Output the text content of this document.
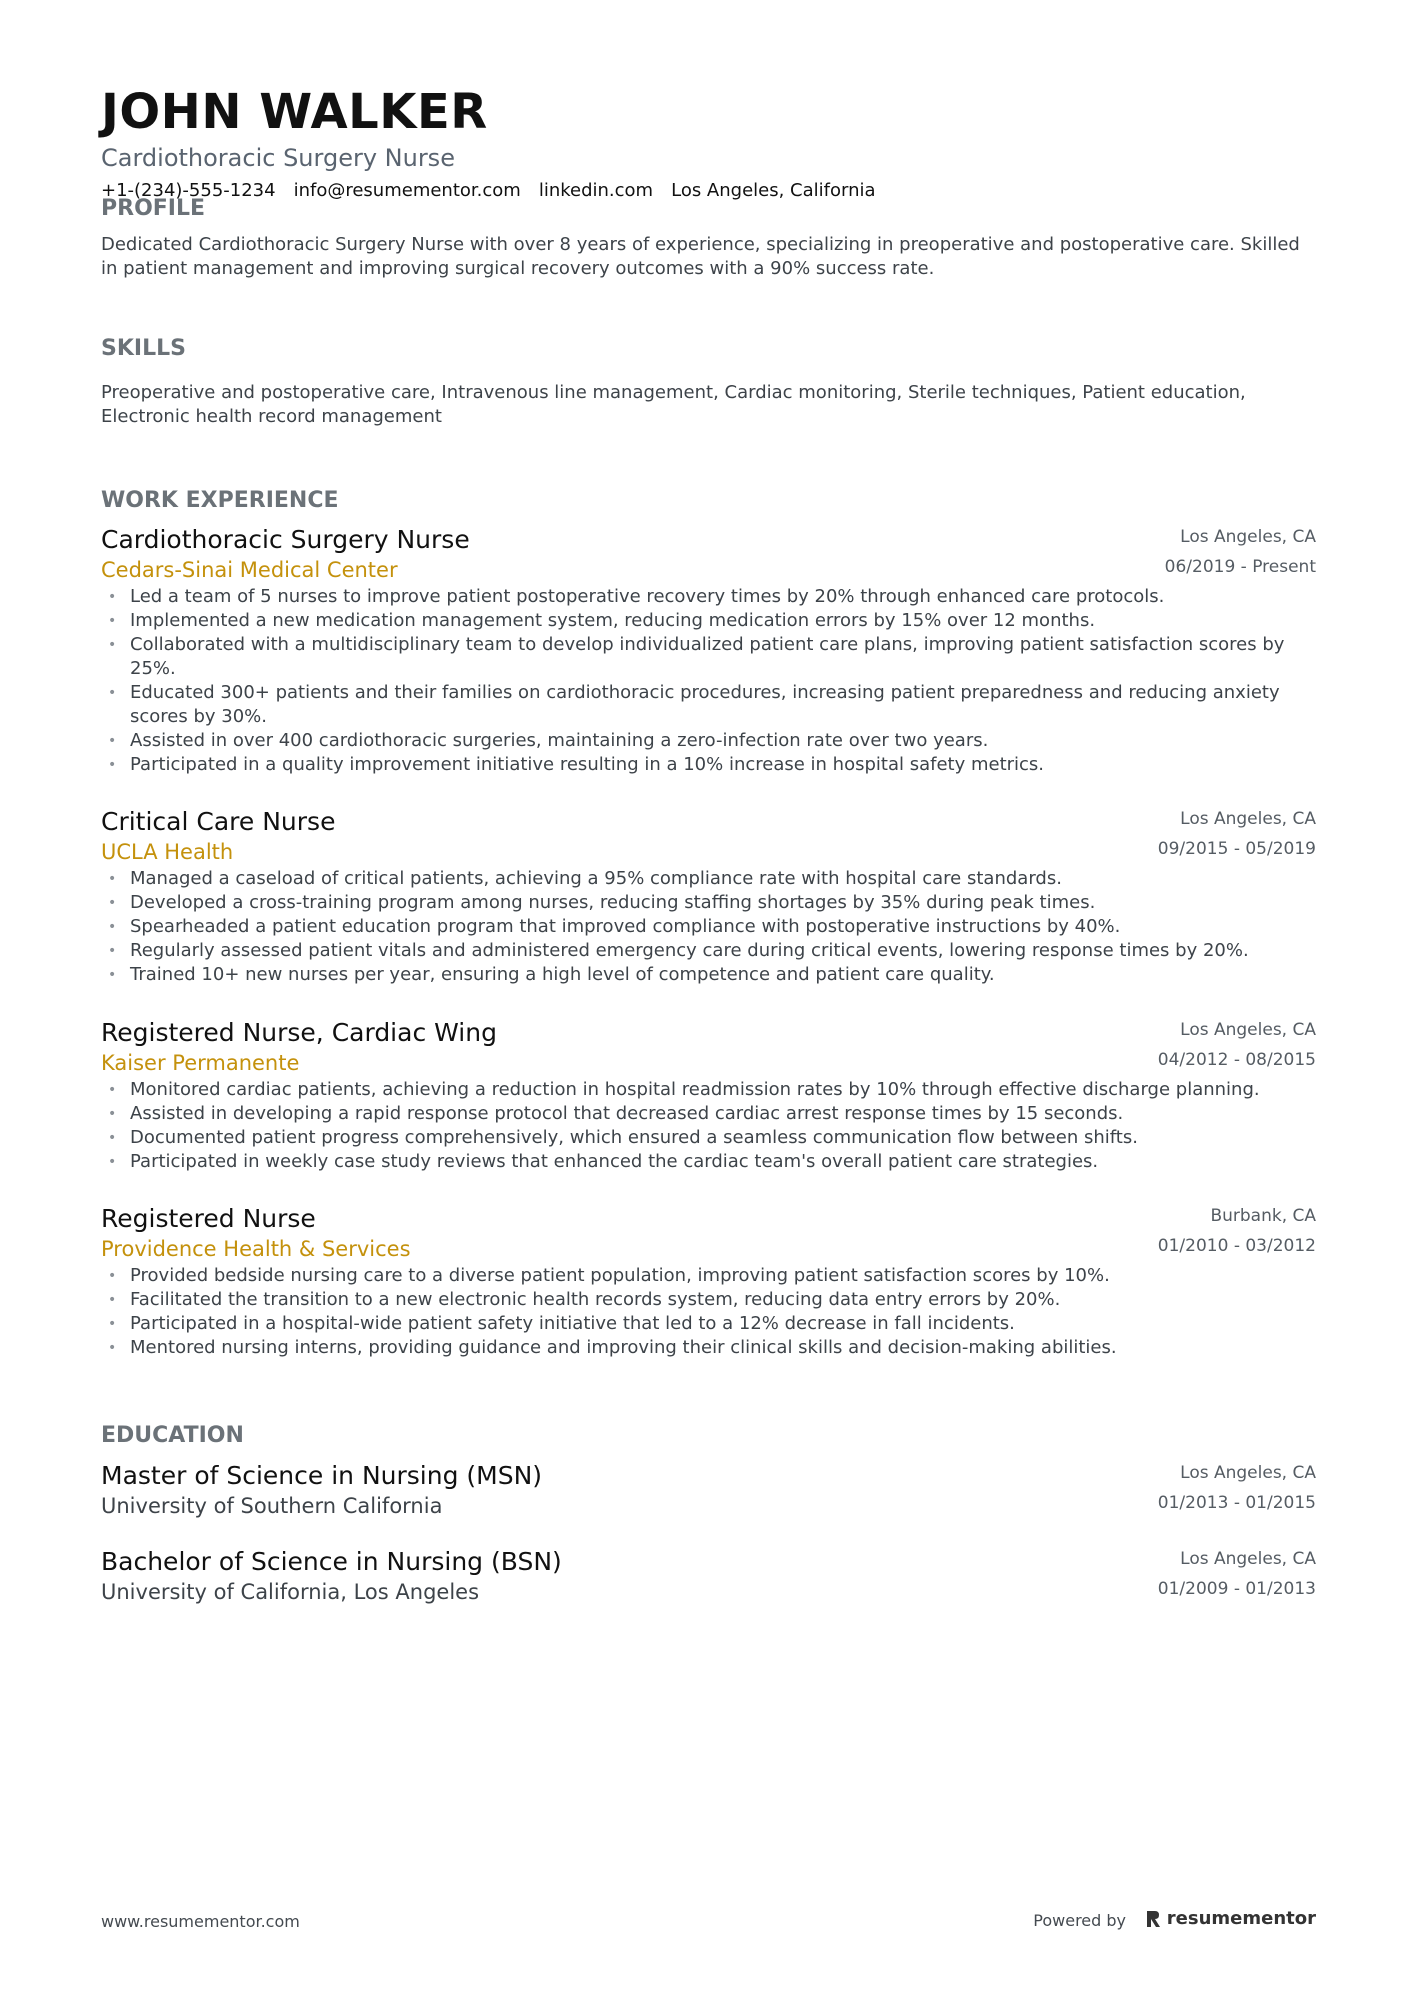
JOHN WALKER
Cardiothoracic Surgery Nurse
+1-(234)-555-1234 info@resumementor.com linkedin.com Los Angeles, California
PROFILE
Dedicated Cardiothoracic Surgery Nurse with over 8 years of experience, specializing in preoperative and postoperative care. Skilled in patient management and improving surgical recovery outcomes with a 90% success rate.
SKILLS
Preoperative and postoperative care, Intravenous line management, Cardiac monitoring, Sterile techniques, Patient education, Electronic health record management
WORK EXPERIENCE
Cardiothoracic Surgery Nurse
Cedars-Sinai Medical Center
Los Angeles, CA
06/2019 - Present
• Led a team of 5 nurses to improve patient postoperative recovery times by 20% through enhanced care protocols.
• Implemented a new medication management system, reducing medication errors by 15% over 12 months.
• Collaborated with a multidisciplinary team to develop individualized patient care plans, improving patient satisfaction scores by 25%.
• Educated 300+ patients and their families on cardiothoracic procedures, increasing patient preparedness and reducing anxiety scores by 30%.
• Assisted in over 400 cardiothoracic surgeries, maintaining a zero-infection rate over two years.
• Participated in a quality improvement initiative resulting in a 10% increase in hospital safety metrics.
Critical Care Nurse
UCLA Health
Los Angeles, CA
09/2015 - 05/2019
• Managed a caseload of critical patients, achieving a 95% compliance rate with hospital care standards.
• Developed a cross-training program among nurses, reducing staffing shortages by 35% during peak times.
• Spearheaded a patient education program that improved compliance with postoperative instructions by 40%.
• Regularly assessed patient vitals and administered emergency care during critical events, lowering response times by 20%.
• Trained 10+ new nurses per year, ensuring a high level of competence and patient care quality.
Registered Nurse, Cardiac Wing
Kaiser Permanente
Los Angeles, CA
04/2012 - 08/2015
• Monitored cardiac patients, achieving a reduction in hospital readmission rates by 10% through effective discharge planning.
• Assisted in developing a rapid response protocol that decreased cardiac arrest response times by 15 seconds.
• Documented patient progress comprehensively, which ensured a seamless communication flow between shifts.
• Participated in weekly case study reviews that enhanced the cardiac team's overall patient care strategies.
Registered Nurse
Providence Health & Services
Burbank, CA
01/2010 - 03/2012
• Provided bedside nursing care to a diverse patient population, improving patient satisfaction scores by 10%.
• Facilitated the transition to a new electronic health records system, reducing data entry errors by 20%.
• Participated in a hospital-wide patient safety initiative that led to a 12% decrease in fall incidents.
• Mentored nursing interns, providing guidance and improving their clinical skills and decision-making abilities.
EDUCATION
Master of Science in Nursing (MSN)
University of Southern California
Los Angeles, CA
01/2013 - 01/2015
Bachelor of Science in Nursing (BSN)
University of California, Los Angeles
Los Angeles, CA
01/2009 - 01/2013
www.resumementor.com	Powered by resumementor
